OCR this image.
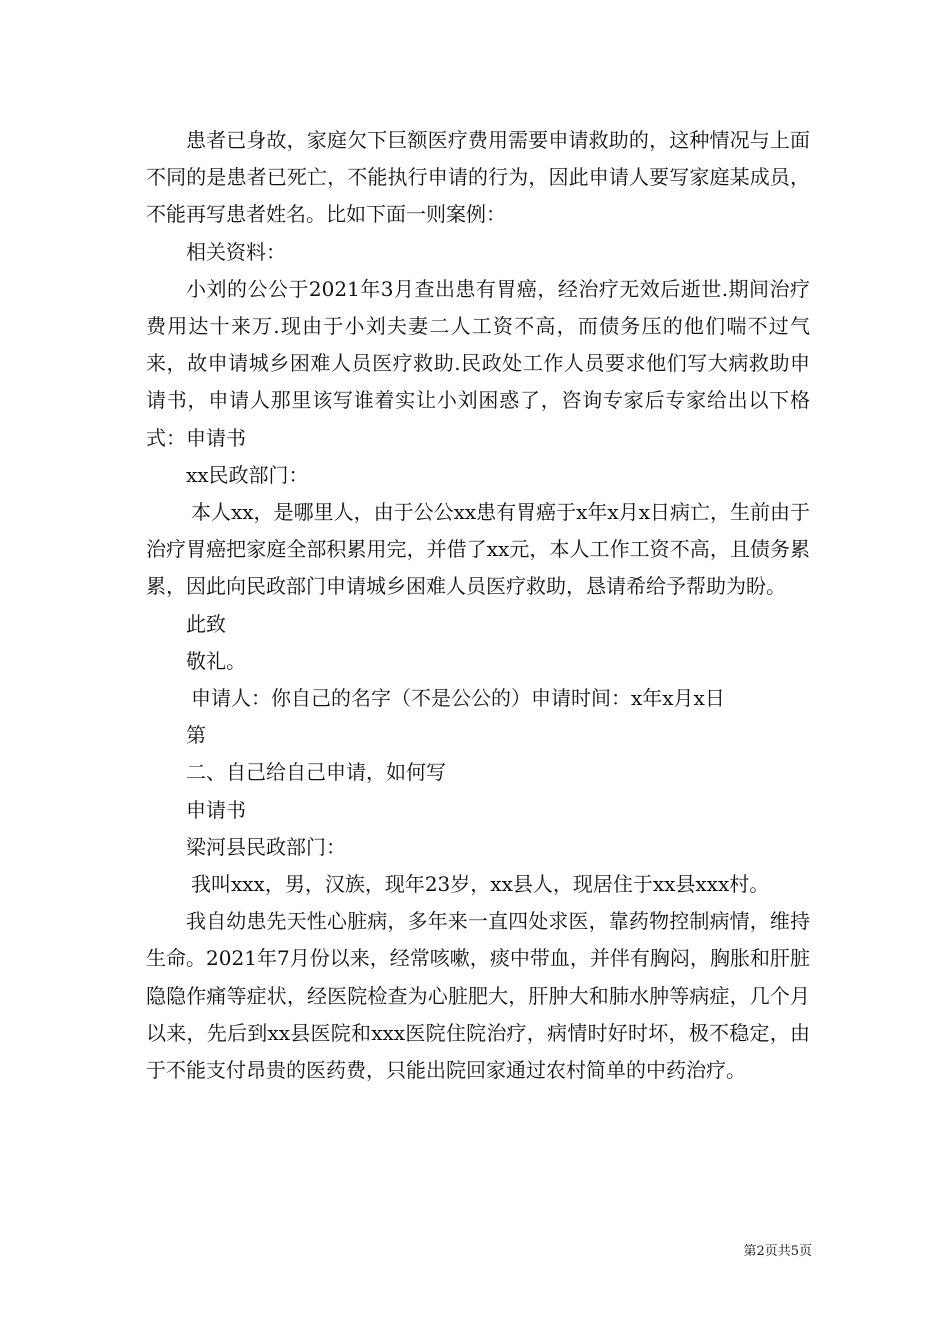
患者已身故，家庭欠下巨额医疗费用需要申请救助的，这种情况与上面不同的是患者已死亡，不能执行申请的行为，因此申请人要写家庭某成员，不能再写患者姓名。比如下面一则案例：

相关资料：

小刘的公公于2021年3月查出患有胃癌，经治疗无效后逝世.期间治疗费用达十来万.现由于小刘夫妻二人工资不高，而债务压的他们喘不过气来，故申请城乡困难人员医疗救助.民政处工作人员要求他们写大病救助申请书，申请人那里该写谁着实让小刘困惑了，咨询专家后专家给出以下格式：申请书

xx民政部门：

本人xx，是哪里人，由于公公xx患有胃癌于x年x月x日病亡，生前由于治疗胃癌把家庭全部积累用完，并借了xx元，本人工作工资不高，且债务累累，因此向民政部门申请城乡困难人员医疗救助，恳请希给予帮助为盼。

此致

敬礼。

申请人：你自己的名字（不是公公的）申请时间：x年x月x日

第

二、自己给自己申请，如何写

申请书

梁河县民政部门：

我叫xxx，男，汉族，现年23岁，xx县人，现居住于xx县xxx村。

我自幼患先天性心脏病，多年来一直四处求医，靠药物控制病情，维持生命。2021年7月份以来，经常咳嗽，痰中带血，并伴有胸闷，胸胀和肝脏隐隐作痛等症状，经医院检查为心脏肥大，肝肿大和肺水肿等病症，几个月以来，先后到xx县医院和xxx医院住院治疗，病情时好时坏，极不稳定，由于不能支付昂贵的医药费，只能出院回家通过农村简单的中药治疗。

第2页共5页
